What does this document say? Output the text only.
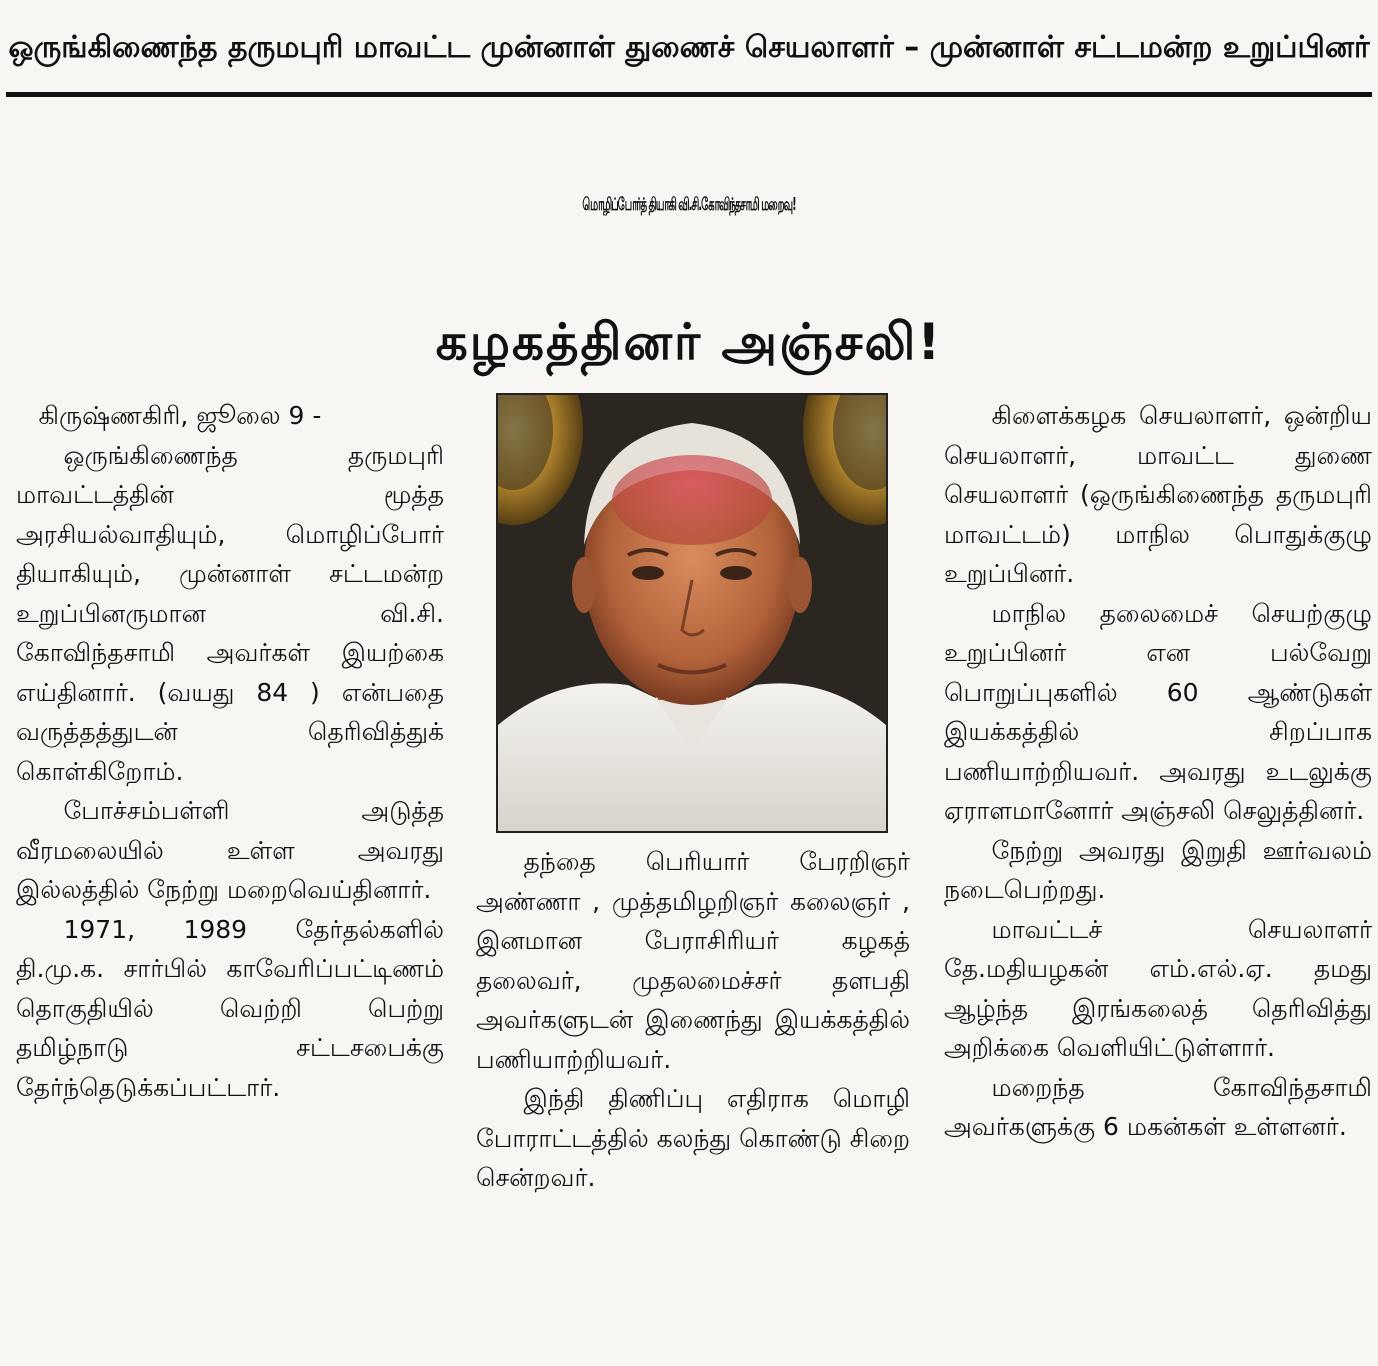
ஒருங்கிணைந்த தருமபுரி மாவட்ட முன்னாள் துணைச் செயலாளர் – முன்னாள் சட்டமன்ற உறுப்பினர்
மொழிப்போர்த் தியாகி வி.சி.கோவிந்தசாமி மறைவு!
கழகத்தினர் அஞ்சலி!

கிருஷ்ணகிரி, ஜூலை 9 -

ஒருங்கிணைந்த தருமபுரி மாவட்டத்தின் மூத்த அரசியல்வாதியும், மொழிப்போர் தியாகியும், முன்னாள் சட்டமன்ற உறுப்பினருமான வி.சி. கோவிந்தசாமி அவர்கள் இயற்கை எய்தினார். (வயது 84 ) என்பதை வருத்தத்துடன் தெரிவித்துக் கொள்கிறோம்.

போச்சம்பள்ளி அடுத்த வீரமலையில் உள்ள அவரது இல்லத்தில் நேற்று மறைவெய்தினார்.

1971, 1989 தேர்தல்களில் தி.மு.க. சார்பில் காவேரிப்பட்டிணம் தொகுதியில் வெற்றி பெற்று தமிழ்நாடு சட்டசபைக்கு தேர்ந்தெடுக்கப்பட்டார்.

தந்தை பெரியார் பேரறிஞர் அண்ணா , முத்தமிழறிஞர் கலைஞர் , இனமான பேராசிரியர் கழகத் தலைவர், முதலமைச்சர் தளபதி அவர்களுடன் இணைந்து இயக்கத்தில் பணியாற்றியவர்.

இந்தி திணிப்பு எதிராக மொழி போராட்டத்தில் கலந்து கொண்டு சிறை சென்றவர்.

கிளைக்கழக செயலாளர், ஒன்றிய செயலாளர், மாவட்ட துணை செயலாளர் (ஒருங்கிணைந்த தருமபுரி மாவட்டம்) மாநில பொதுக்குழு உறுப்பினர்.

மாநில தலைமைச் செயற்குழு உறுப்பினர் என பல்வேறு பொறுப்புகளில் 60 ஆண்டுகள் இயக்கத்தில் சிறப்பாக பணியாற்றியவர். அவரது உடலுக்கு ஏராளமானோர் அஞ்சலி செலுத்தினர்.

நேற்று அவரது இறுதி ஊர்வலம் நடைபெற்றது.

மாவட்டச் செயலாளர் தே.மதியழகன் எம்.எல்.ஏ. தமது ஆழ்ந்த இரங்கலைத் தெரிவித்து அறிக்கை வெளியிட்டுள்ளார்.

மறைந்த கோவிந்தசாமி அவர்களுக்கு 6 மகன்கள் உள்ளனர்.
